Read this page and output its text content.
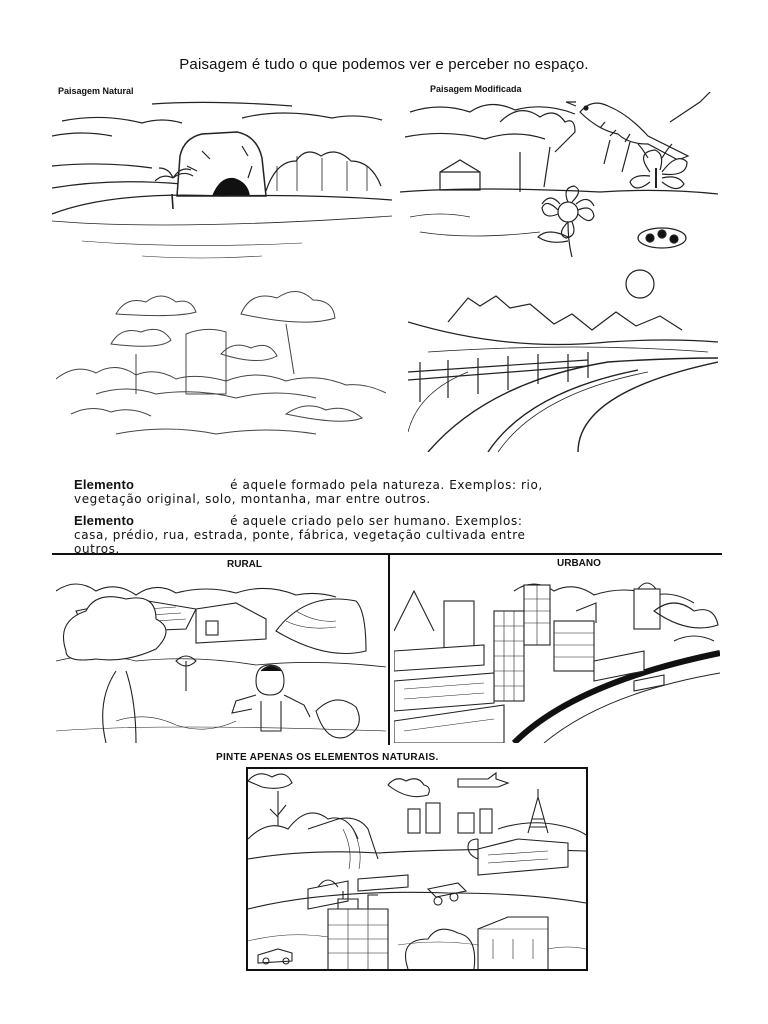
Paisagem é tudo o que podemos ver e perceber no espaço.
Paisagem Natural	Paisagem Modificada
Elemento	é aquele formado pela natureza. Exemplos: rio,
vegetação original, solo, montanha, mar entre outros.
Elemento	é aquele criado pelo ser humano. Exemplos:
casa, prédio, rua, estrada, ponte, fábrica, vegetação cultivada entre
outros.
RURAL	URBANO
PINTE APENAS OS ELEMENTOS NATURAIS.
